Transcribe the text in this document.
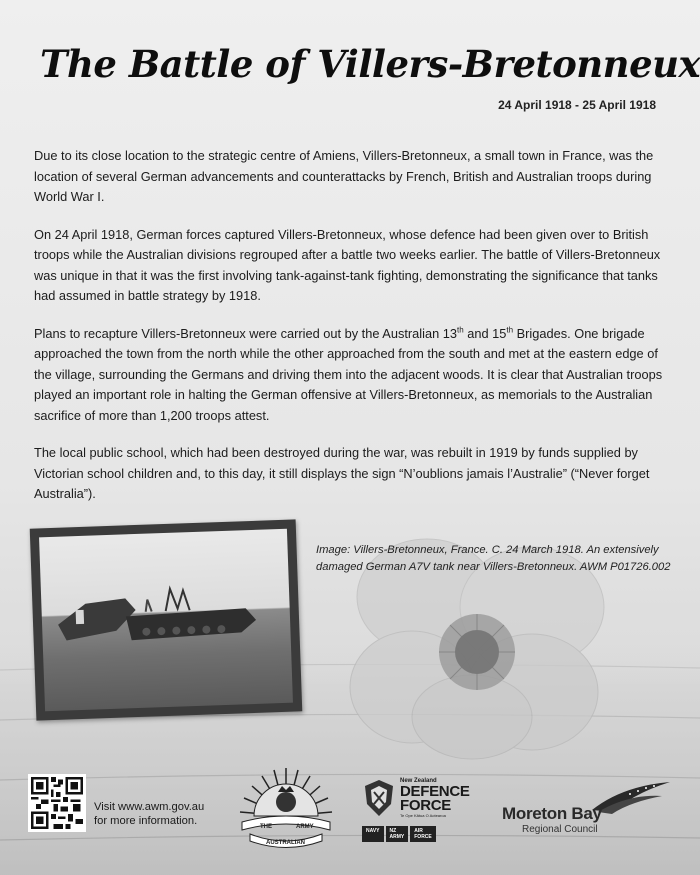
The Battle of Villers-Bretonneux
24 April 1918 - 25 April 1918

Due to its close location to the strategic centre of Amiens, Villers-Bretonneux, a small town in France, was the location of several German advancements and counterattacks by French, British and Australian troops during World War I.

On 24 April 1918, German forces captured Villers-Bretonneux, whose defence had been given over to British troops while the Australian divisions regrouped after a battle two weeks earlier. The battle of Villers-Bretonneux was unique in that it was the first involving tank-against-tank fighting, demonstrating the significance that tanks had assumed in battle strategy by 1918.

Plans to recapture Villers-Bretonneux were carried out by the Australian 13th and 15th Brigades. One brigade approached the town from the north while the other approached from the south and met at the eastern edge of the village, surrounding the Germans and driving them into the adjacent woods. It is clear that Australian troops played an important role in halting the German offensive at Villers-Bretonneux, as memorials to the Australian sacrifice of more than 1,200 troops attest.

The local public school, which had been destroyed during the war, was rebuilt in 1919 by funds supplied by Victorian school children and, to this day, it still displays the sign “N’oublions jamais l’Australie” (“Never forget Australia”).

Image: Villers-Bretonneux, France. C. 24 March 1918. An extensively damaged German A7V tank near Villers-Bretonneux. AWM P01726.002
Visit www.awm.gov.au
for more information.	THE	ARMY
AUSTRALIAN
New Zealand
DEFENCE
FORCE
Te Ope Kātua O Aotearoa
NAVY	NZ ARMY
AIR FORCE
Moreton Bay
Regional Council
